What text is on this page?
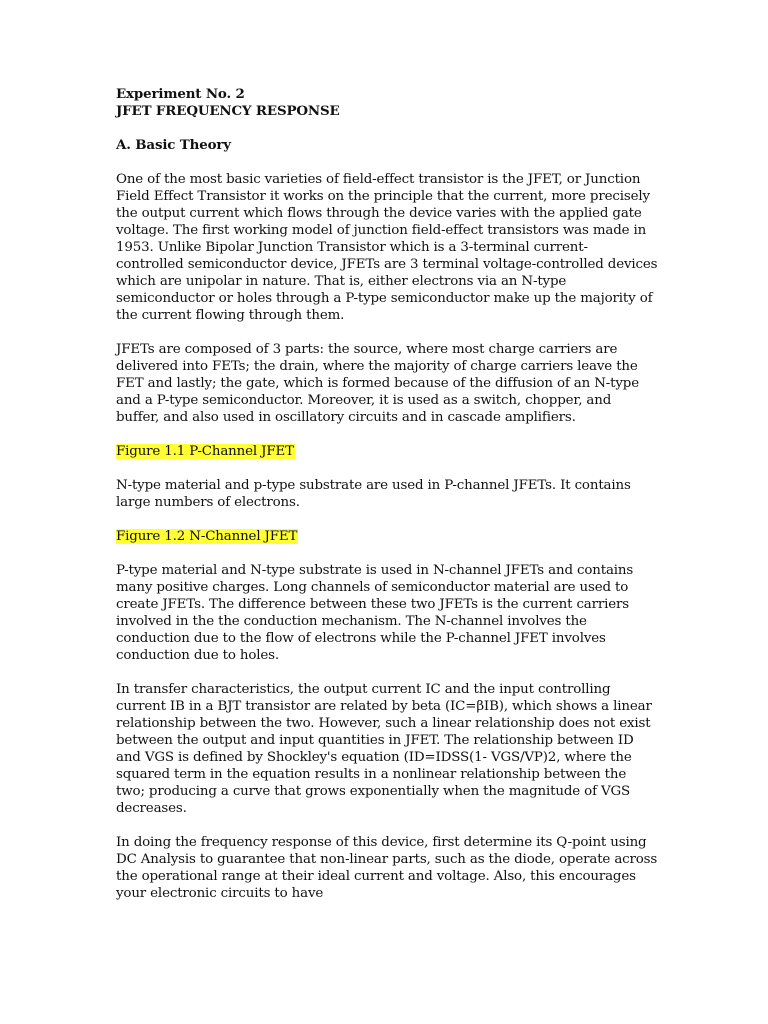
Experiment No. 2
JFET FREQUENCY RESPONSE
A. Basic Theory
One of the most basic varieties of field-effect transistor is the JFET, or Junction
Field Effect Transistor it works on the principle that the current, more precisely
the output current which flows through the device varies with the applied gate
voltage. The first working model of junction field-effect transistors was made in
1953. Unlike Bipolar Junction Transistor which is a 3-terminal current-
controlled semiconductor device, JFETs are 3 terminal voltage-controlled devices
which are unipolar in nature. That is, either electrons via an N-type
semiconductor or holes through a P-type semiconductor make up the majority of
the current flowing through them.
JFETs are composed of 3 parts: the source, where most charge carriers are
delivered into FETs; the drain, where the majority of charge carriers leave the
FET and lastly; the gate, which is formed because of the diffusion of an N-type
and a P-type semiconductor. Moreover, it is used as a switch, chopper, and
buffer, and also used in oscillatory circuits and in cascade amplifiers.
Figure 1.1 P-Channel JFET
N-type material and p-type substrate are used in P-channel JFETs. It contains
large numbers of electrons.
Figure 1.2 N-Channel JFET
P-type material and N-type substrate is used in N-channel JFETs and contains
many positive charges. Long channels of semiconductor material are used to
create JFETs. The difference between these two JFETs is the current carriers
involved in the the conduction mechanism. The N-channel involves the
conduction due to the flow of electrons while the P-channel JFET involves
conduction due to holes.
In transfer characteristics, the output current IC and the input controlling
current IB in a BJT transistor are related by beta (IC=βIB), which shows a linear
relationship between the two. However, such a linear relationship does not exist
between the output and input quantities in JFET. The relationship between ID
and VGS is defined by Shockley's equation (ID=IDSS(1- VGS/VP)2, where the
squared term in the equation results in a nonlinear relationship between the
two; producing a curve that grows exponentially when the magnitude of VGS
decreases.
In doing the frequency response of this device, first determine its Q-point using
DC Analysis to guarantee that non-linear parts, such as the diode, operate across
the operational range at their ideal current and voltage. Also, this encourages
your electronic circuits to have
